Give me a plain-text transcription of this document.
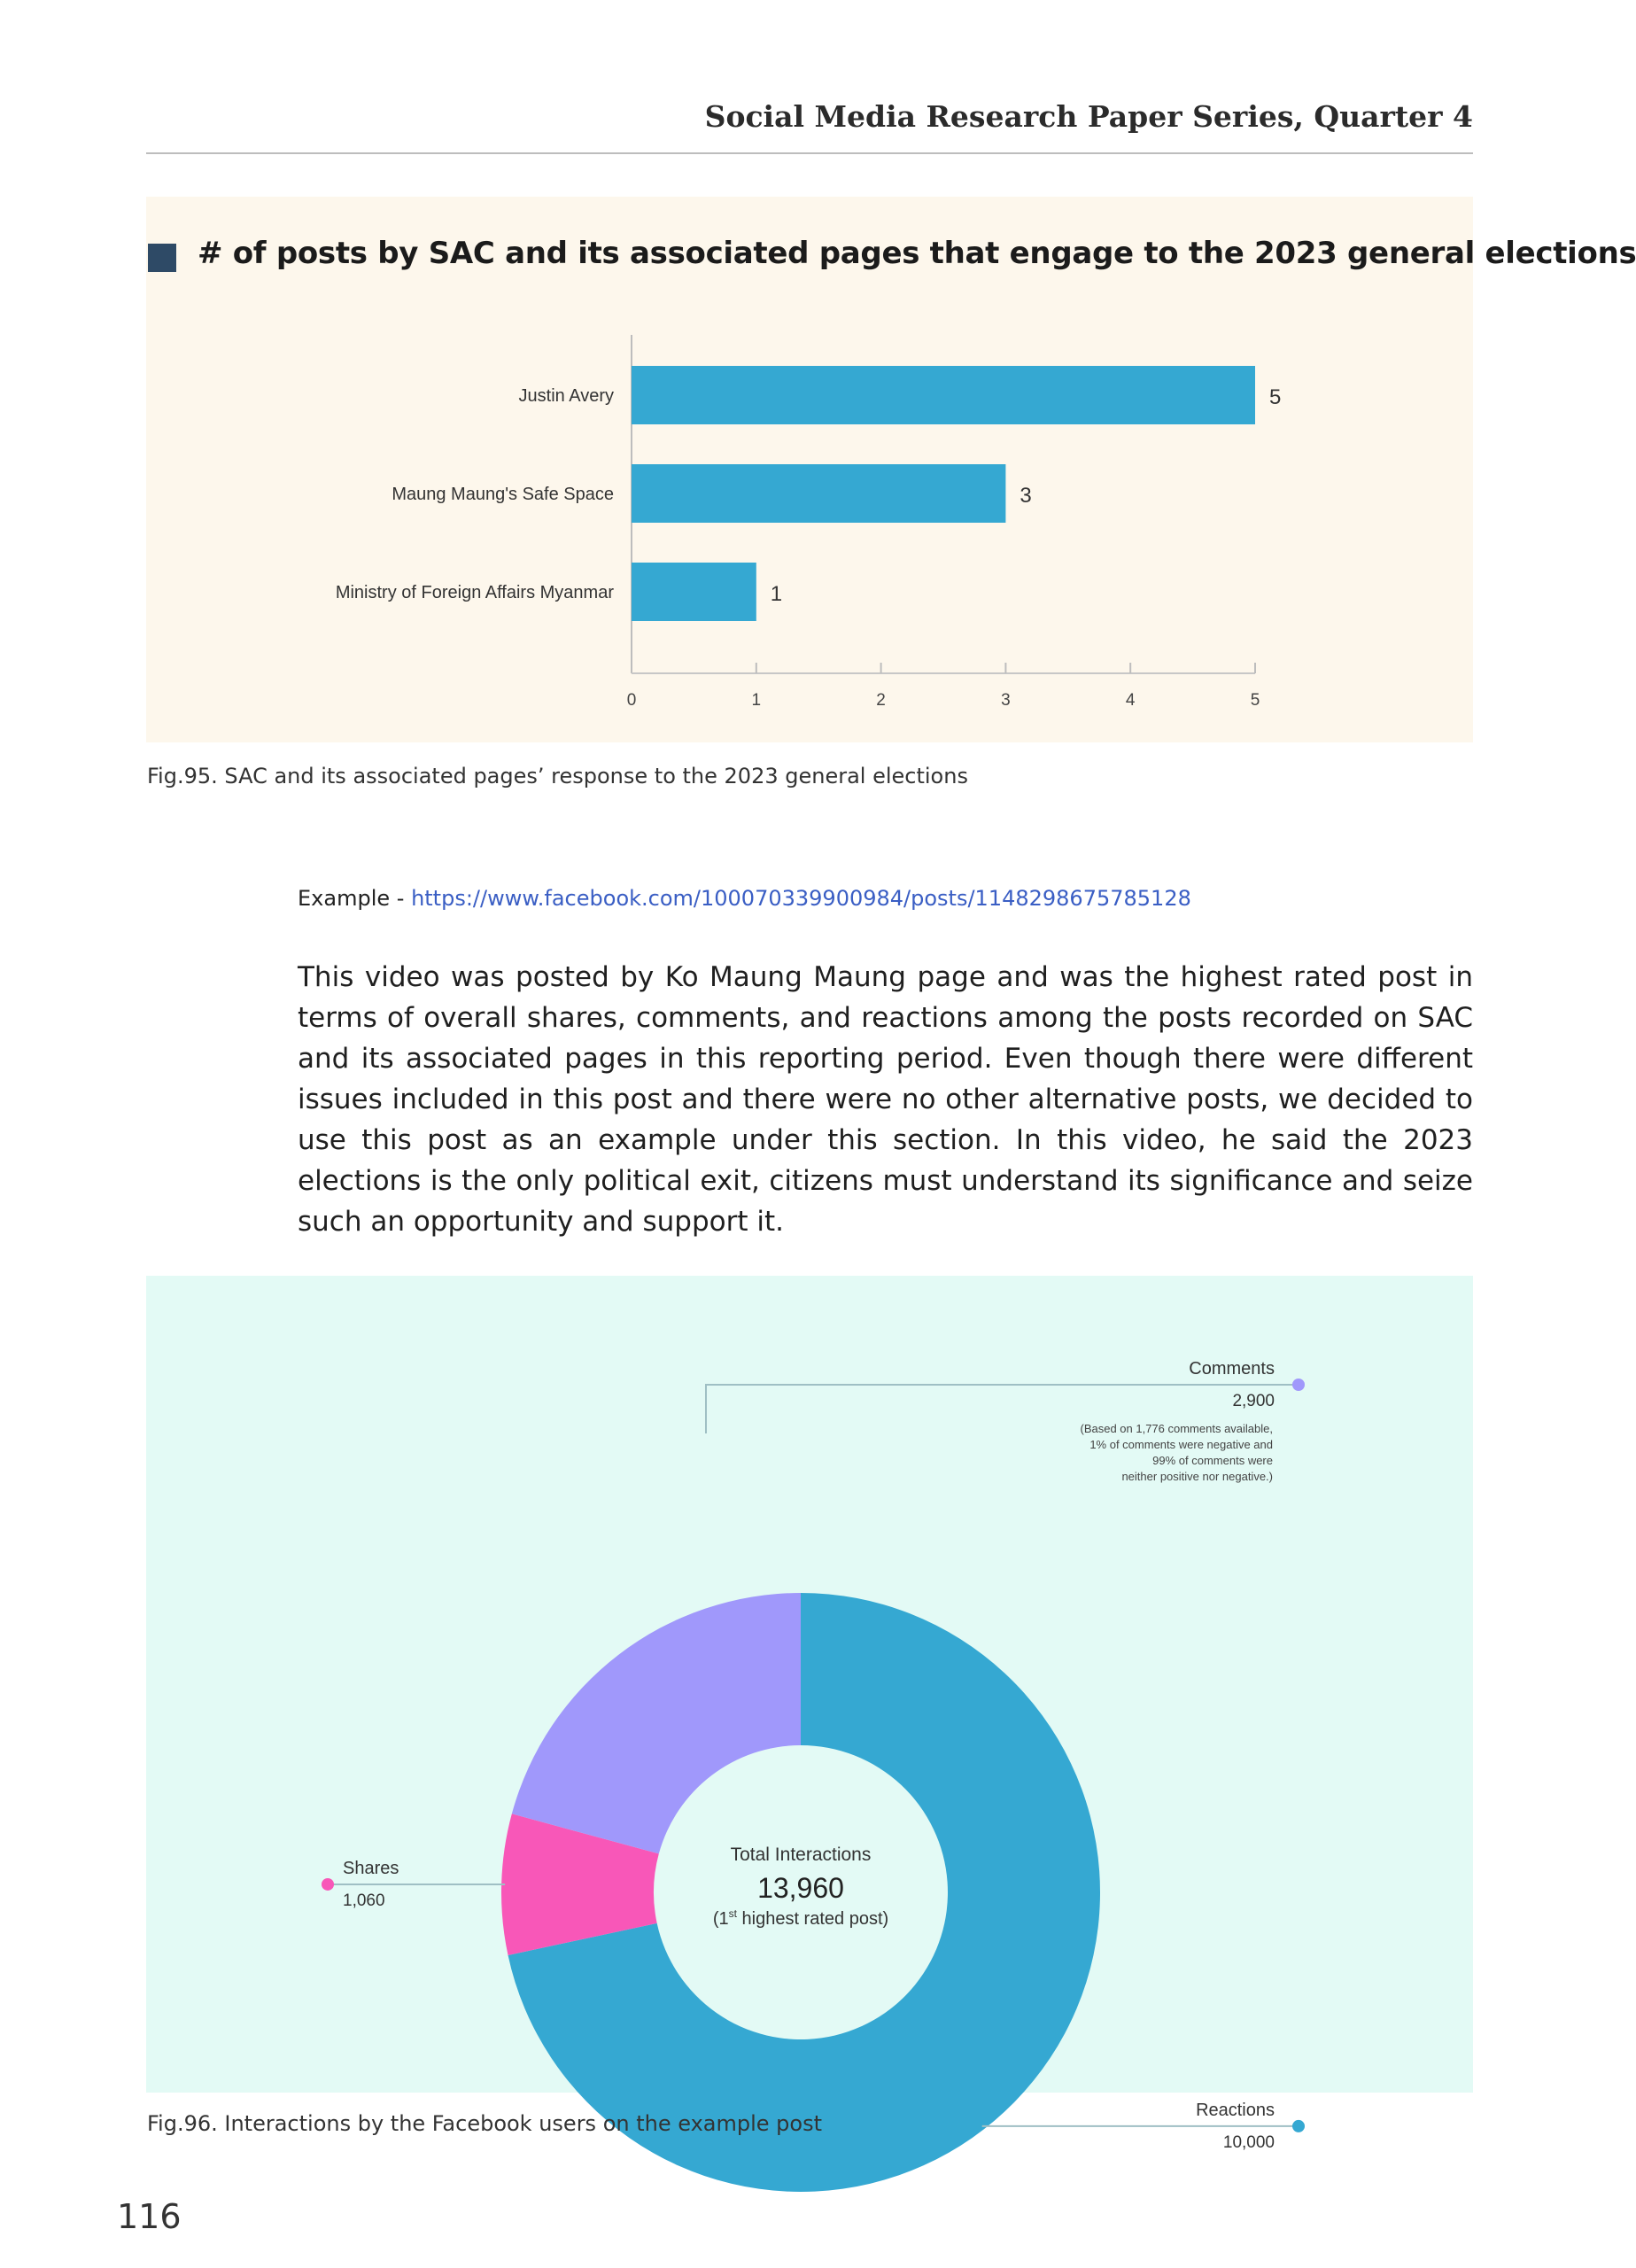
Social Media Research Paper Series, Quarter 4
# of posts by SAC and its associated pages that engage to the 2023 general elections
Justin Avery	5
Maung Maung's Safe Space	3
Ministry of Foreign Affairs Myanmar	1
0	1	2	3	4	5
Fig.95. SAC and its associated pages’ response to the 2023 general elections
Example - https://www.facebook.com/100070339900984/posts/1148298675785128
This video was posted by Ko Maung Maung page and was the highest rated post in terms of overall shares, comments, and reactions among the posts recorded on SAC and its associated pages in this reporting period. Even though there were different issues included in this post and there were no other alternative posts, we decided to use this post as an example under this section. In this video, he said the 2023 elections is the only political exit, citizens must understand its significance and seize such an opportunity and support it.
Total Interactions
13,960
(1st highest rated post)
Reactions
10,000
Shares
1,060
Comments
2,900
(Based on 1,776 comments available,
1% of comments were negative and
99% of comments were
neither positive nor negative.)
Fig.96. Interactions by the Facebook users on the example post
116
